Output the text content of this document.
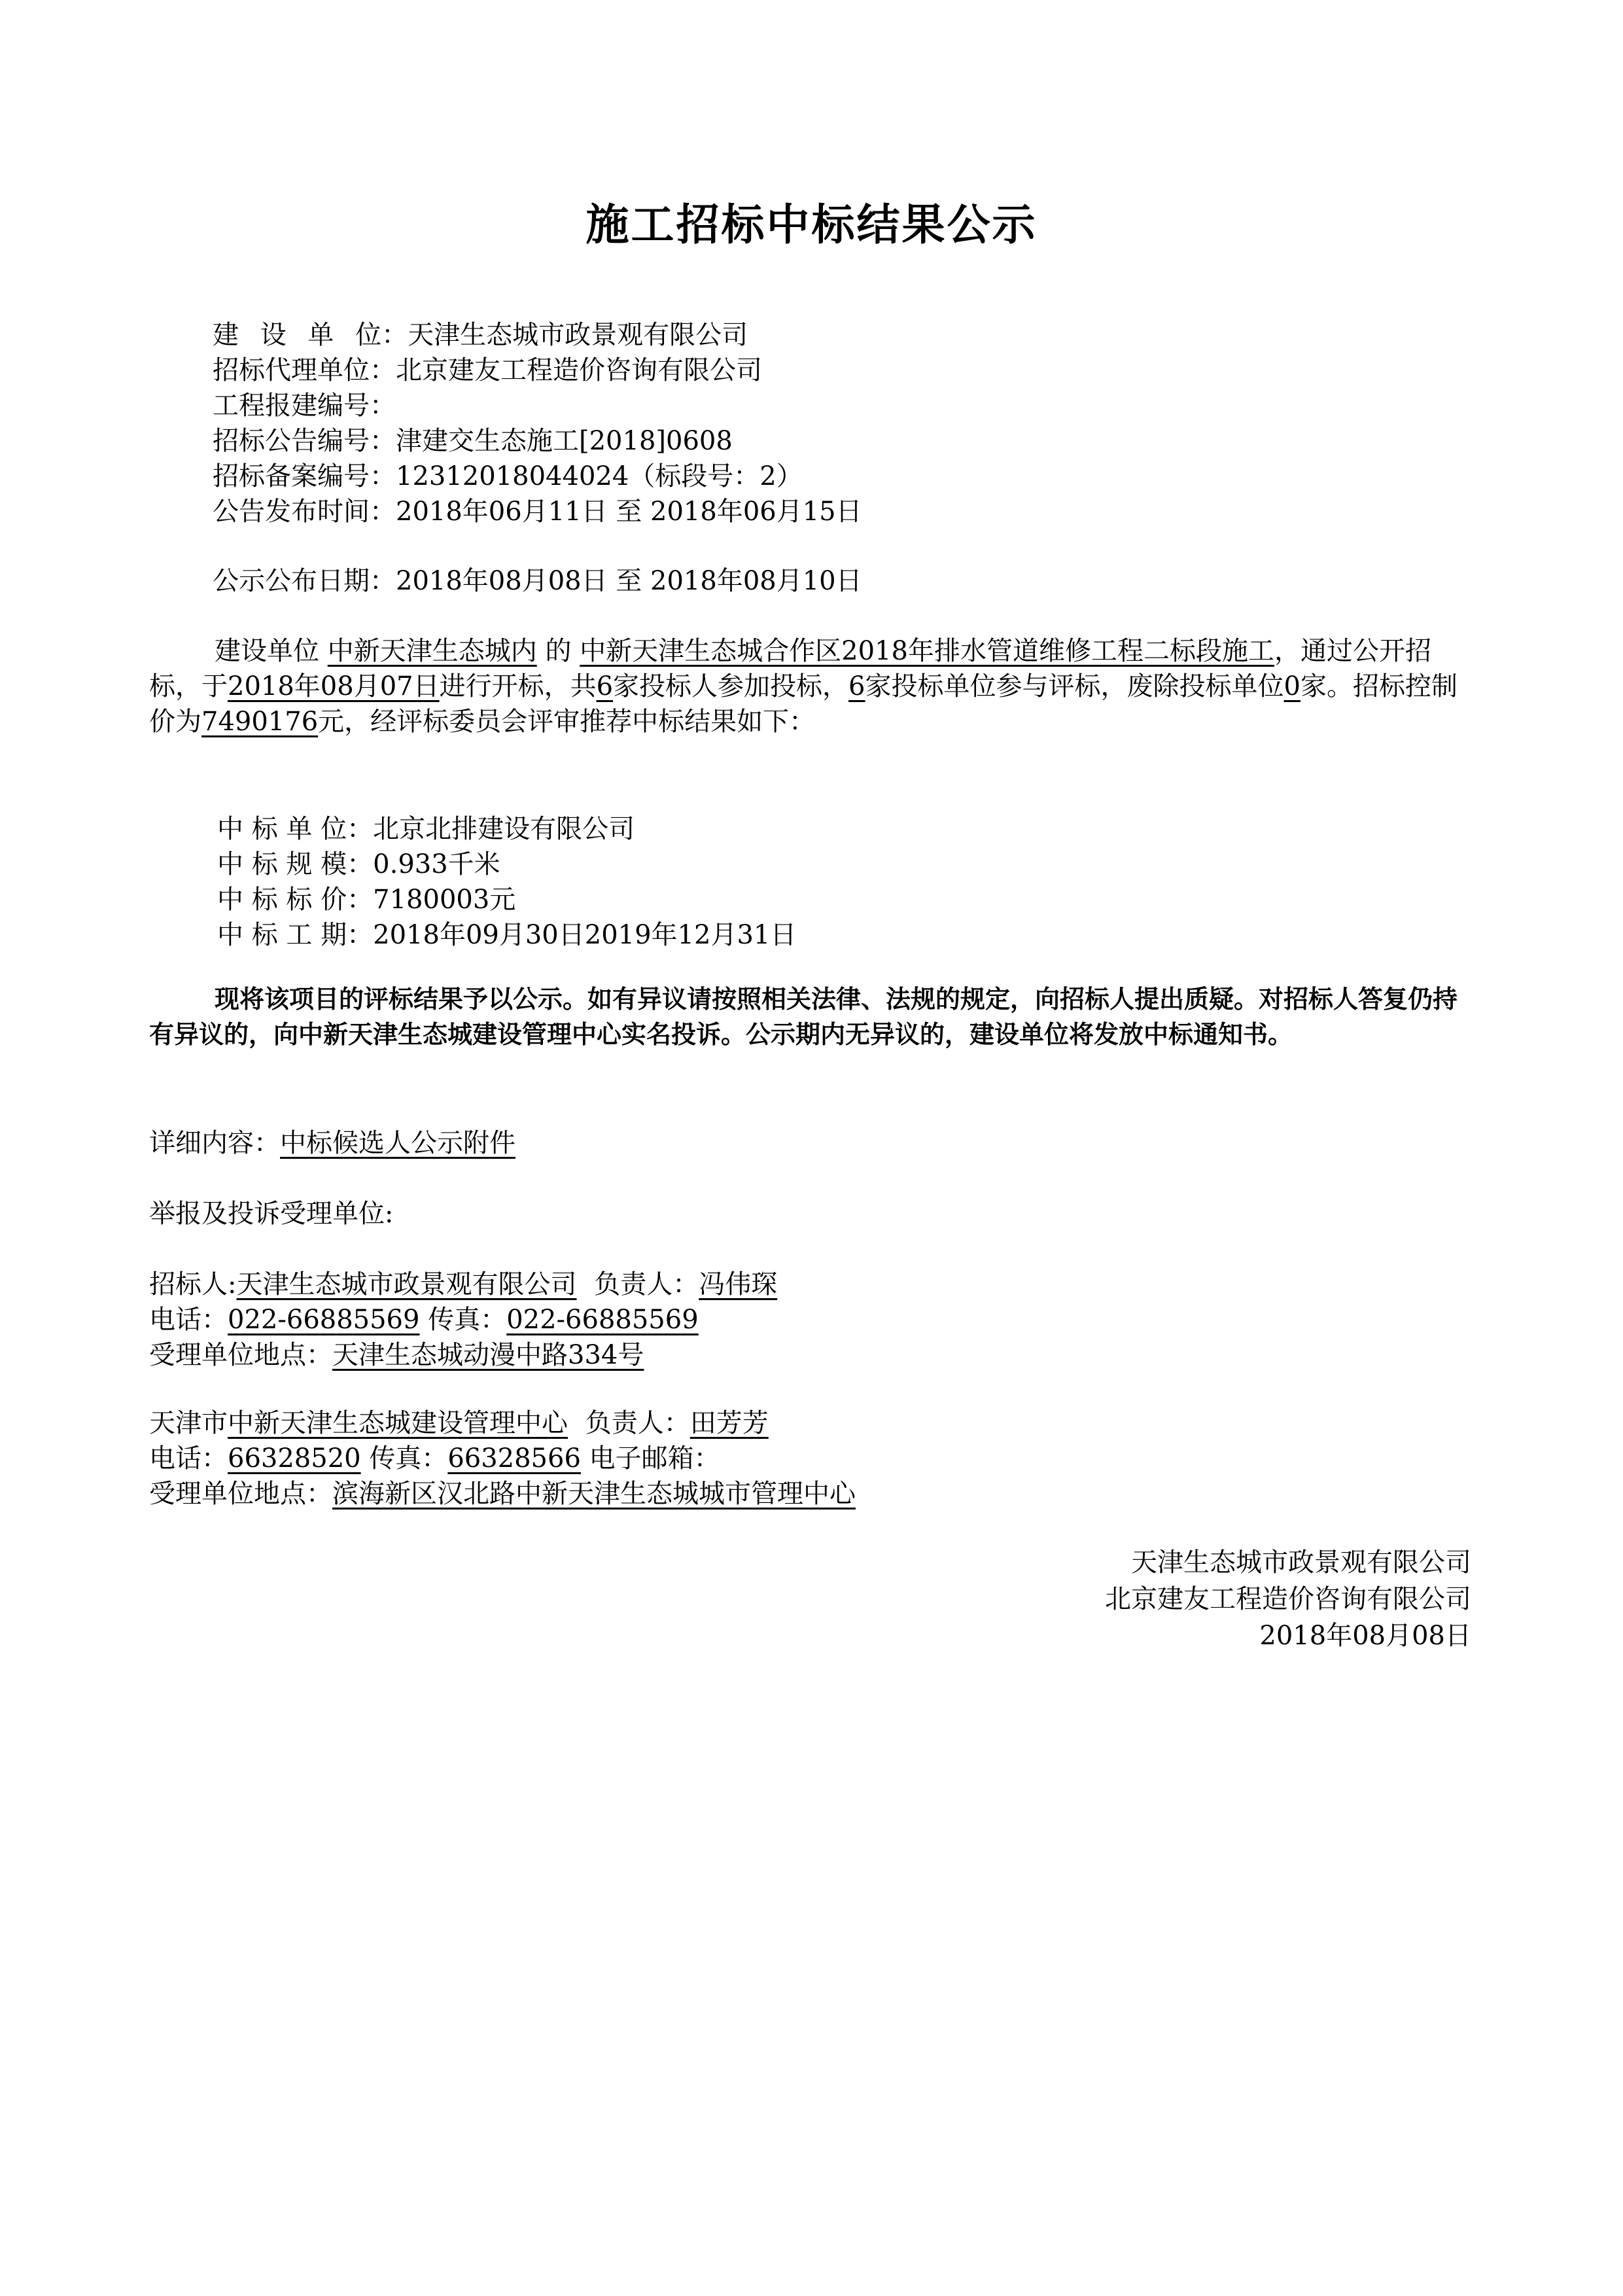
施工招标中标结果公示
建 设 单 位：天津生态城市政景观有限公司
招标代理单位：北京建友工程造价咨询有限公司
工程报建编号：
招标公告编号：津建交生态施工[2018]0608
招标备案编号：12312018044024（标段号：2）
公告发布时间：2018年06月11日 至 2018年06月15日
公示公布日期：2018年08月08日 至 2018年08月10日
建设单位 中新天津生态城内 的 中新天津生态城合作区2018年排水管道维修工程二标段施工，通过公开招标，于2018年08月07日进行开标，共6家投标人参加投标，6家投标单位参与评标，废除投标单位0家。招标控制价为7490176元，经评标委员会评审推荐中标结果如下：
中 标 单 位：北京北排建设有限公司
中 标 规 模：0.933千米
中 标 标 价：7180003元
中 标 工 期：2018年09月30日2019年12月31日
现将该项目的评标结果予以公示。如有异议请按照相关法律、法规的规定，向招标人提出质疑。对招标人答复仍持有异议的，向中新天津生态城建设管理中心实名投诉。公示期内无异议的，建设单位将发放中标通知书。
详细内容：中标候选人公示附件
举报及投诉受理单位:
招标人:天津生态城市政景观有限公司 负责人：冯伟琛
电话：022-66885569 传真：022-66885569
受理单位地点：天津生态城动漫中路334号
天津市中新天津生态城建设管理中心 负责人：田芳芳
电话：66328520 传真：66328566 电子邮箱：
受理单位地点：滨海新区汉北路中新天津生态城城市管理中心
天津生态城市政景观有限公司
北京建友工程造价咨询有限公司
2018年08月08日
